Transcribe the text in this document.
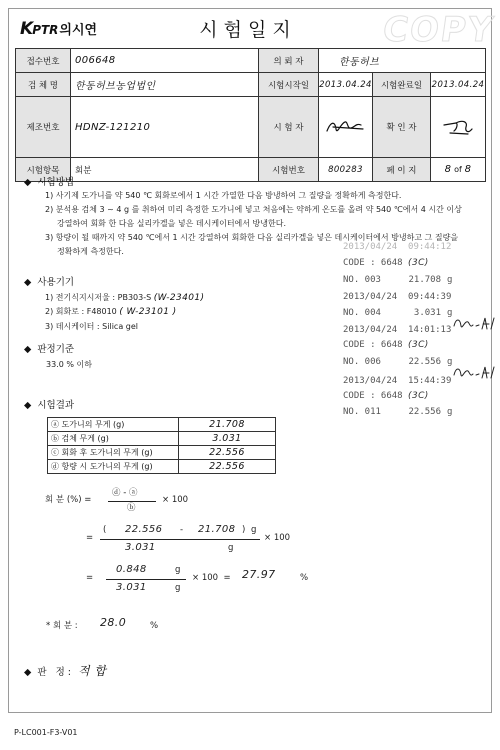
KPTR의시연	시 험 일 지	COPY
접수번호	006648	의 뢰 자	한동허브		
검 체 명	한동허브농업법인	시험시작일	2013.04.24	시험완료일	2013.04.24
제조번호	HDNZ-121210	시 험 자		확 인 자	

시험항목	회분	시험번호	800283	페 이 지	8 of 8
◆  시험방법
1) 사기제 도가니를 약 540 ℃ 회화로에서 1 시간 가열한 다음 방냉하여 그 질량을 정확하게 측정한다.
2) 분석용 검체 3 ~ 4 g 를 취하여 미리 측정한 도가니에 넣고 처음에는 약하게 온도를 올려 약 540 ℃에서 4 시간 이상
강열하여 회화 한 다음 실리카겔을 넣은 데시케이터에서 방냉한다.
3) 항량이 될 때까지 약 540 ℃에서 1 시간 강열하여 회화한 다음 실리카겔을 넣은 데시케이터에서 방냉하고 그 질량을
정확하게 측정한다.
◆  사용기기
1) 전기식지시저울 : PB303-S (W-23401)
2) 회화로 : F48010 ( W-23101 )
3) 데시케이터 : Silica gel
◆  판정기준
33.0 % 이하
◆  시험결과
ⓐ 도가니의 무게 (g)	21.708
ⓑ 검체 무게 (g)	3.031
ⓒ 회화 후 도가니의 무게 (g)	22.556
ⓓ 항량 시 도가니의 무게 (g)	22.556
회 분 (%) =
ⓓ - ⓐ
ⓑ
× 100
=
( 22.556 - 21.708 ) g
3.031	g
× 100
=
0.848	g
3.031	g
× 100  = 27.97	%
* 회 분 : 28.0	%
◆  판   정 : 적 합
2013/04/24  09:44:12
CODE : 6648 (3C)
NO. 003	21.708 g
2013/04/24  09:44:39
NO. 004	3.031 g
2013/04/24  14:01:13
CODE : 6648 (3C)
NO. 006	22.556 g
2013/04/24  15:44:39
CODE : 6648 (3C)
NO. 011	22.556 g
P-LC001-F3-V01
